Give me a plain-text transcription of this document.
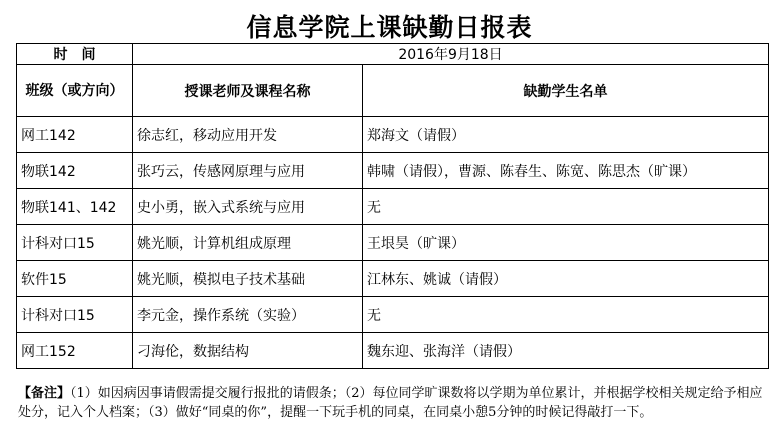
信息学院上课缺勤日报表
时　间	2016年9月18日	
班级（或方向）	授课老师及课程名称	缺勤学生名单
网工142	徐志红，移动应用开发	郑海文（请假）
物联142	张巧云，传感网原理与应用	韩啸（请假），曹源、陈春生、陈宽、陈思杰（旷课）
物联141、142	史小勇，嵌入式系统与应用	无
计科对口15	姚光顺，计算机组成原理	王垠昊（旷课）
软件15	姚光顺，模拟电子技术基础	江林东、姚诚（请假）
计科对口15	李元金，操作系统（实验）	无
网工152	刁海伦，数据结构	魏东迎、张海洋（请假）
【备注】（1）如因病因事请假需提交履行报批的请假条；（2）每位同学旷课数将以学期为单位累计，并根据学校相关规定给予相应处分，记入个人档案；（3）做好“同桌的你”，提醒一下玩手机的同桌，在同桌小憩5分钟的时候记得敲打一下。
